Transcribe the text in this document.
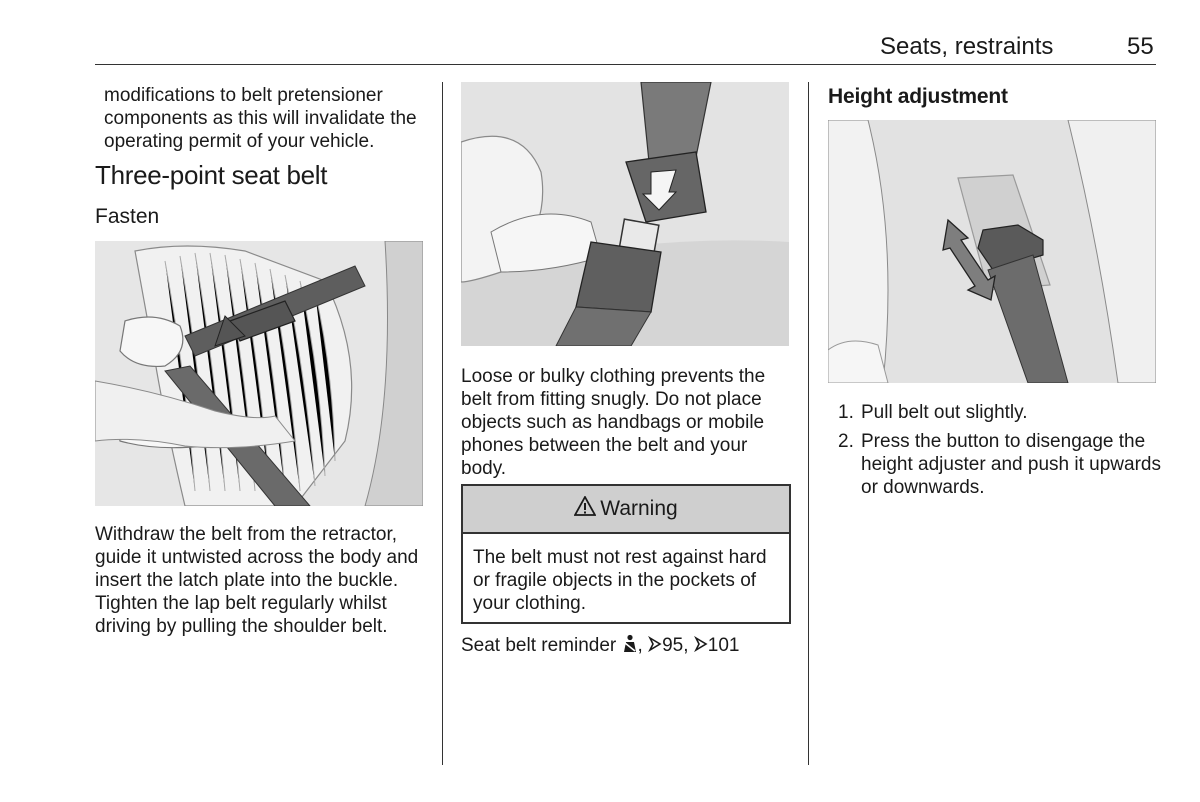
Seats, restraints	55
modifications to belt pretensioner components as this will invalidate the operating permit of your vehicle.
Three-point seat belt
Fasten
Withdraw the belt from the retractor, guide it untwisted across the body and insert the latch plate into the buckle. Tighten the lap belt regularly whilst driving by pulling the shoulder belt.
Loose or bulky clothing prevents the belt from fitting snugly. Do not place objects such as handbags or mobile phones between the belt and your body.
Warning
The belt must not rest against hard or fragile objects in the pockets of your clothing.
Seat belt reminder , 95, 101
Height adjustment
1. Pull belt out slightly.
2. Press the button to disengage the height adjuster and push it upwards or downwards.
